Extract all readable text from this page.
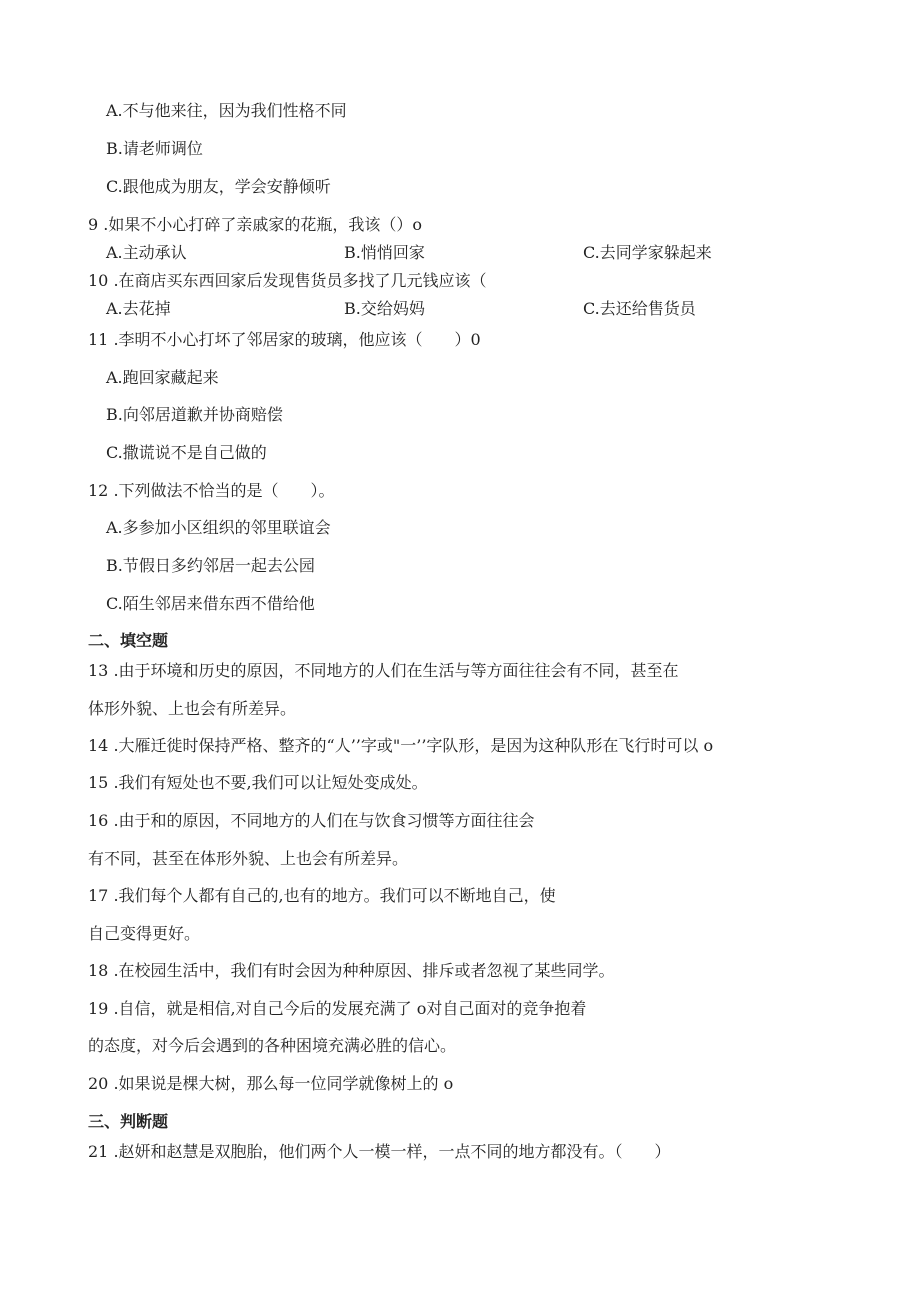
A.不与他来往，因为我们性格不同
B.请老师调位
C.跟他成为朋友，学会安静倾听
9 .如果不小心打碎了亲戚家的花瓶，我该（）o
A.主动承认	B.悄悄回家	C.去同学家躲起来
10 .在商店买东西回家后发现售货员多找了几元钱应该（
A.去花掉	B.交给妈妈	C.去还给售货员
11 .李明不小心打坏了邻居家的玻璃，他应该（　　）0
A.跑回家藏起来
B.向邻居道歉并协商赔偿
C.撒谎说不是自己做的
12 .下列做法不恰当的是（　　）。
A.多参加小区组织的邻里联谊会
B.节假日多约邻居一起去公园
C.陌生邻居来借东西不借给他
二、填空题
13 .由于环境和历史的原因，不同地方的人们在生活与等方面往往会有不同，甚至在
体形外貌、上也会有所差异。
14 .大雁迁徙时保持严格、整齐的“人’’字或"一’’字队形，是因为这种队形在飞行时可以 o
15 .我们有短处也不要,我们可以让短处变成处。
16 .由于和的原因，不同地方的人们在与饮食习惯等方面往往会
有不同，甚至在体形外貌、上也会有所差异。
17 .我们每个人都有自己的,也有的地方。我们可以不断地自己，使
自己变得更好。
18 .在校园生活中，我们有时会因为种种原因、排斥或者忽视了某些同学。
19 .自信，就是相信,对自己今后的发展充满了 o对自己面对的竞争抱着
的态度，对今后会遇到的各种困境充满必胜的信心。
20 .如果说是棵大树，那么每一位同学就像树上的 o
三、判断题
21 .赵妍和赵慧是双胞胎，他们两个人一模一样，一点不同的地方都没有。（　　）
